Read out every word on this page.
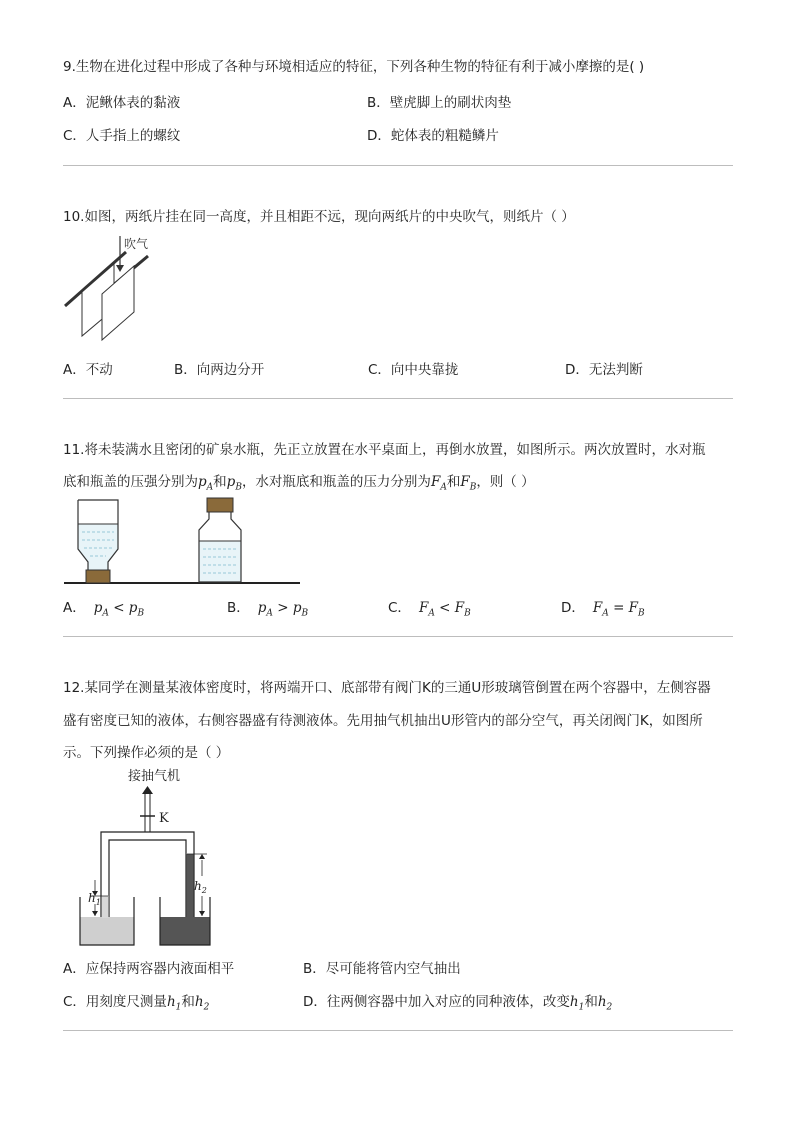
9.生物在进化过程中形成了各种与环境相适应的特征，下列各种生物的特征有利于减小摩擦的是( )
A．泥鳅体表的黏液	B．壁虎脚上的刷状肉垫
C．人手指上的螺纹	D．蛇体表的粗糙鳞片
10.如图，两纸片挂在同一高度，并且相距不远，现向两纸片的中央吹气，则纸片（ ）
吹气
A．不动	B．向两边分开	C．向中央靠拢	D．无法判断
11.将未装满水且密闭的矿泉水瓶，先正立放置在水平桌面上，再倒水放置，如图所示。两次放置时，水对瓶
底和瓶盖的压强分别为$p_A$和$p_B$，水对瓶底和瓶盖的压力分别为$F_A$和$F_B$，则（ ）
A． $p_A < p_B$	B． $p_A > p_B$	C． $F_A < F_B$	D． $F_A = F_B$
12.某同学在测量某液体密度时，将两端开口、底部带有阀门K的三通U形玻璃管倒置在两个容器中，左侧容器
盛有密度已知的液体，右侧容器盛有待测液体。先用抽气机抽出U形管内的部分空气，再关闭阀门K，如图所
示。下列操作必须的是（ ）
接抽气机
K
$h_1$
$h_2$
A．应保持两容器内液面相平	B．尽可能将管内空气抽出
C．用刻度尺测量$h_1$和$h_2$	D．往两侧容器中加入对应的同种液体，改变$h_1$和$h_2$
